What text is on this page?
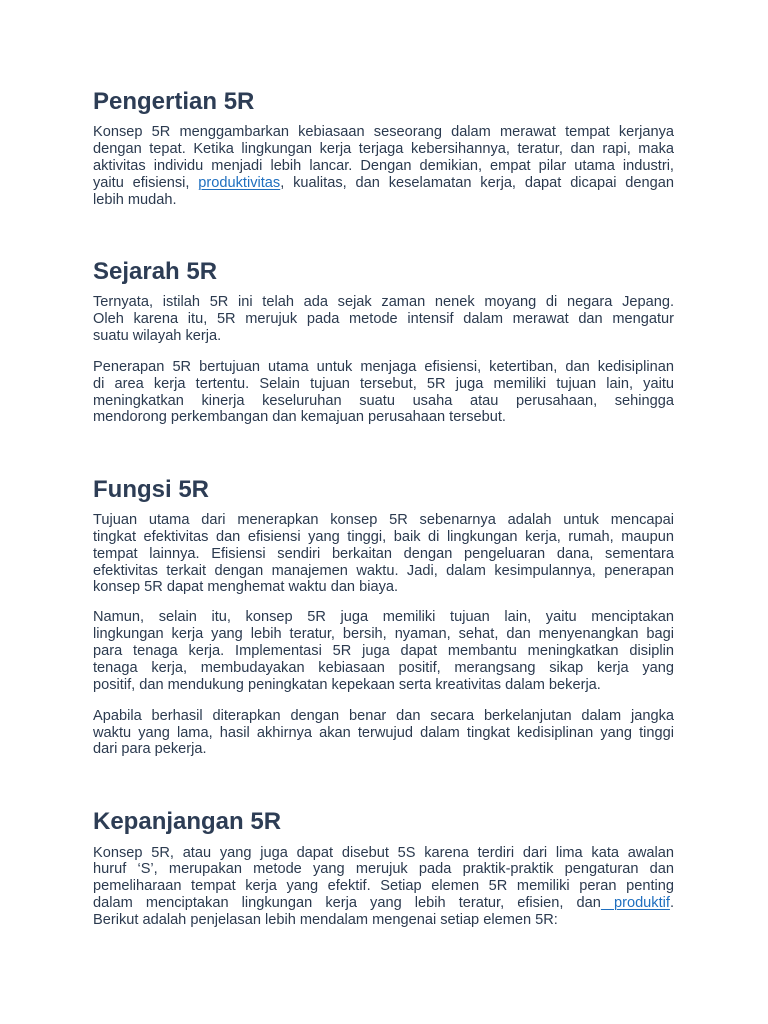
Pengertian 5R
Konsep 5R menggambarkan kebiasaan seseorang dalam merawat tempat kerjanya
dengan tepat. Ketika lingkungan kerja terjaga kebersihannya, teratur, dan rapi, maka
aktivitas individu menjadi lebih lancar. Dengan demikian, empat pilar utama industri,
yaitu efisiensi, produktivitas, kualitas, dan keselamatan kerja, dapat dicapai dengan
lebih mudah.
Sejarah 5R
Ternyata, istilah 5R ini telah ada sejak zaman nenek moyang di negara Jepang.
Oleh karena itu, 5R merujuk pada metode intensif dalam merawat dan mengatur
suatu wilayah kerja.
Penerapan 5R bertujuan utama untuk menjaga efisiensi, ketertiban, dan kedisiplinan
di area kerja tertentu. Selain tujuan tersebut, 5R juga memiliki tujuan lain, yaitu
meningkatkan kinerja keseluruhan suatu usaha atau perusahaan, sehingga
mendorong perkembangan dan kemajuan perusahaan tersebut.
Fungsi 5R
Tujuan utama dari menerapkan konsep 5R sebenarnya adalah untuk mencapai
tingkat efektivitas dan efisiensi yang tinggi, baik di lingkungan kerja, rumah, maupun
tempat lainnya. Efisiensi sendiri berkaitan dengan pengeluaran dana, sementara
efektivitas terkait dengan manajemen waktu. Jadi, dalam kesimpulannya, penerapan
konsep 5R dapat menghemat waktu dan biaya.
Namun, selain itu, konsep 5R juga memiliki tujuan lain, yaitu menciptakan
lingkungan kerja yang lebih teratur, bersih, nyaman, sehat, dan menyenangkan bagi
para tenaga kerja. Implementasi 5R juga dapat membantu meningkatkan disiplin
tenaga kerja, membudayakan kebiasaan positif, merangsang sikap kerja yang
positif, dan mendukung peningkatan kepekaan serta kreativitas dalam bekerja.
Apabila berhasil diterapkan dengan benar dan secara berkelanjutan dalam jangka
waktu yang lama, hasil akhirnya akan terwujud dalam tingkat kedisiplinan yang tinggi
dari para pekerja.
Kepanjangan 5R
Konsep 5R, atau yang juga dapat disebut 5S karena terdiri dari lima kata awalan
huruf ‘S’, merupakan metode yang merujuk pada praktik-praktik pengaturan dan
pemeliharaan tempat kerja yang efektif. Setiap elemen 5R memiliki peran penting
dalam menciptakan lingkungan kerja yang lebih teratur, efisien, dan produktif.
Berikut adalah penjelasan lebih mendalam mengenai setiap elemen 5R:
